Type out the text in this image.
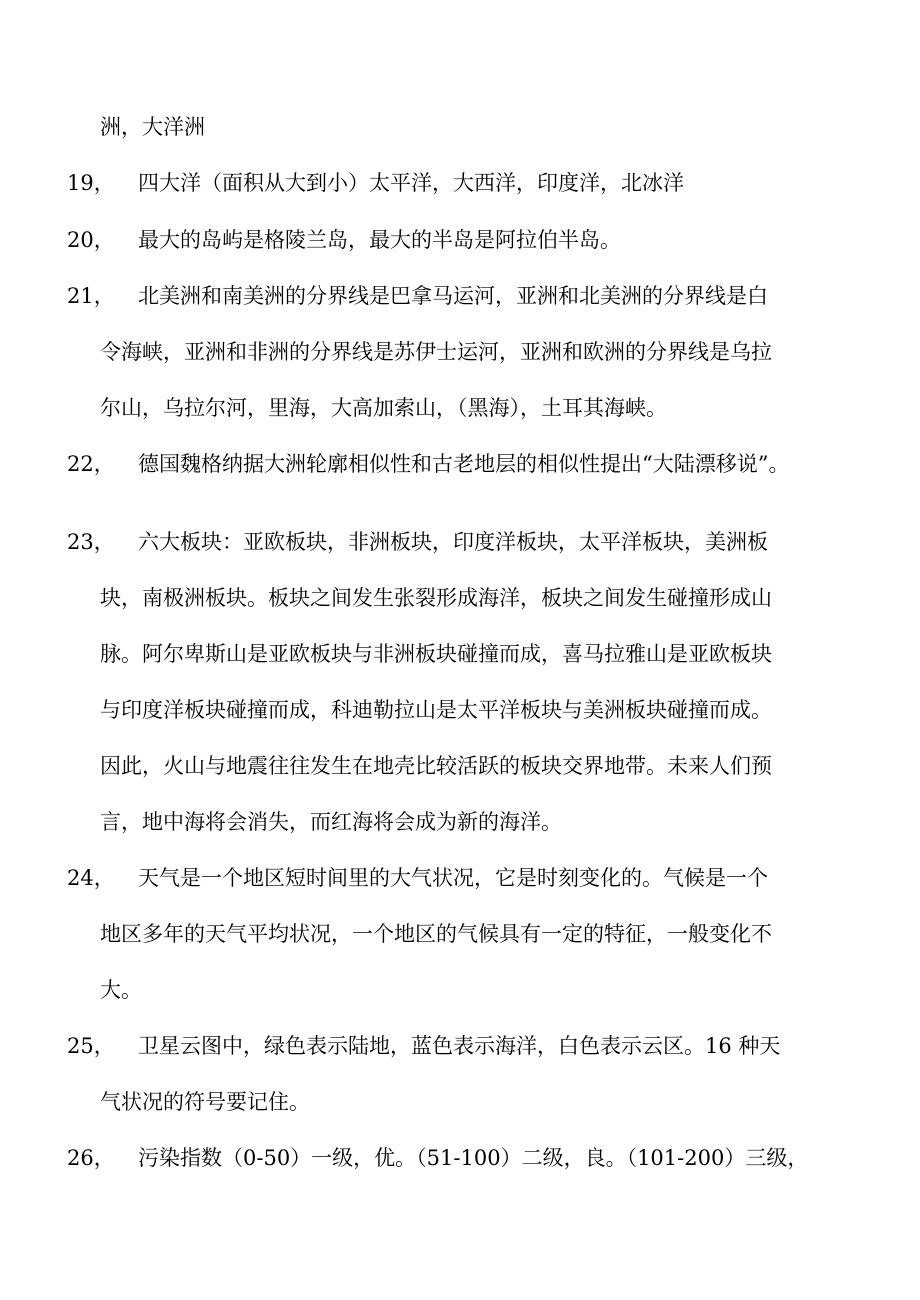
洲，大洋洲
19， 四大洋（面积从大到小）太平洋，大西洋，印度洋，北冰洋
20， 最大的岛屿是格陵兰岛，最大的半岛是阿拉伯半岛。
21， 北美洲和南美洲的分界线是巴拿马运河，亚洲和北美洲的分界线是白
令海峡，亚洲和非洲的分界线是苏伊士运河，亚洲和欧洲的分界线是乌拉
尔山，乌拉尔河，里海，大高加索山，（黑海），土耳其海峡。
22， 德国魏格纳据大洲轮廓相似性和古老地层的相似性提出“大陆漂移说”。
23， 六大板块：亚欧板块，非洲板块，印度洋板块，太平洋板块，美洲板
块，南极洲板块。板块之间发生张裂形成海洋，板块之间发生碰撞形成山
脉。阿尔卑斯山是亚欧板块与非洲板块碰撞而成，喜马拉雅山是亚欧板块
与印度洋板块碰撞而成，科迪勒拉山是太平洋板块与美洲板块碰撞而成。
因此，火山与地震往往发生在地壳比较活跃的板块交界地带。未来人们预
言，地中海将会消失，而红海将会成为新的海洋。
24， 天气是一个地区短时间里的大气状况，它是时刻变化的。气候是一个
地区多年的天气平均状况，一个地区的气候具有一定的特征，一般变化不
大。
25， 卫星云图中，绿色表示陆地，蓝色表示海洋，白色表示云区。16 种天
气状况的符号要记住。
26， 污染指数（0-50）一级，优。（51-100）二级，良。（101-200）三级，
